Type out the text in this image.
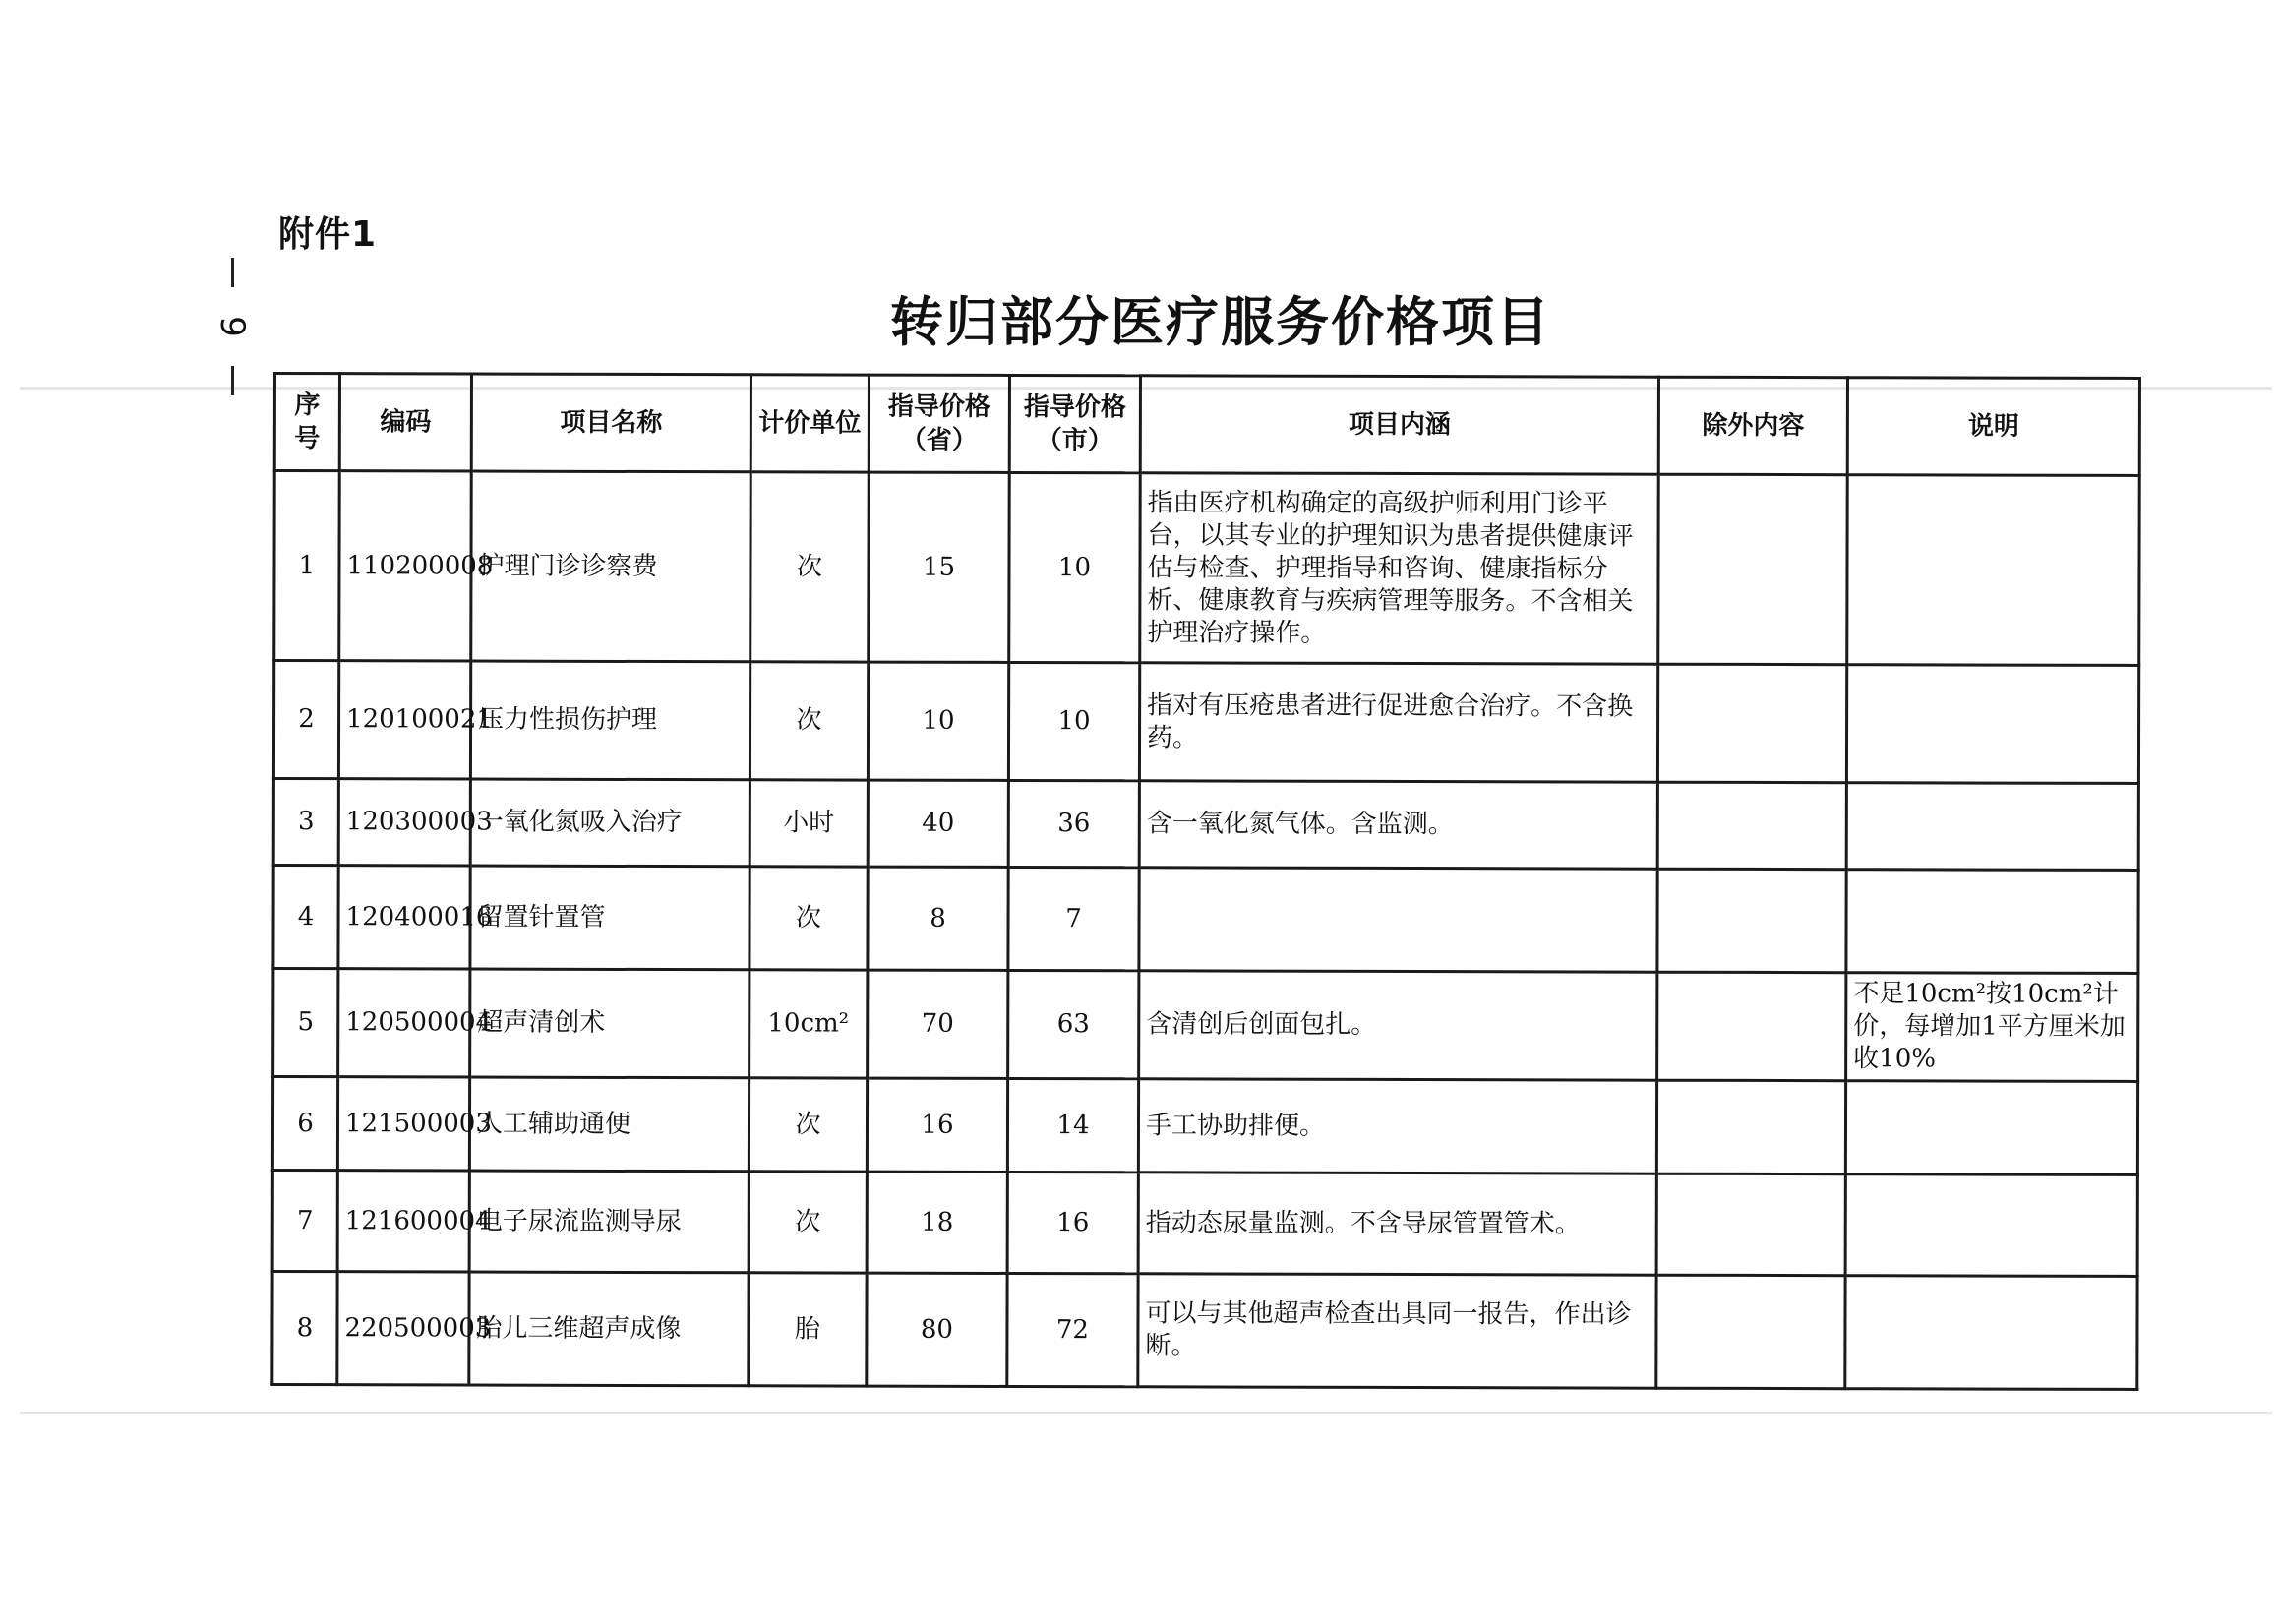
9
附件1
转归部分医疗服务价格项目
序号	编码	项目名称	计价单位	指导价格（省）	指导价格（市）	项目内涵	除外内容	说明
1	110200008	护理门诊诊察费	次	15	10	指由医疗机构确定的高级护师利用门诊平台，以其专业的护理知识为患者提供健康评估与检查、护理指导和咨询、健康指标分析、健康教育与疾病管理等服务。不含相关护理治疗操作。		
2	120100021	压力性损伤护理	次	10	10	指对有压疮患者进行促进愈合治疗。不含换药。		
3	120300003	一氧化氮吸入治疗	小时	40	36	含一氧化氮气体。含监测。		
4	120400016	留置针置管	次	8	7			
5	120500004	超声清创术	10cm²	70	63	含清创后创面包扎。		不足10cm²按10cm²计价，每增加1平方厘米加收10%
6	121500003	人工辅助通便	次	16	14	手工协助排便。		
7	121600004	电子尿流监测导尿	次	18	16	指动态尿量监测。不含导尿管置管术。		
8	220500003	胎儿三维超声成像	胎	80	72	可以与其他超声检查出具同一报告，作出诊断。		
